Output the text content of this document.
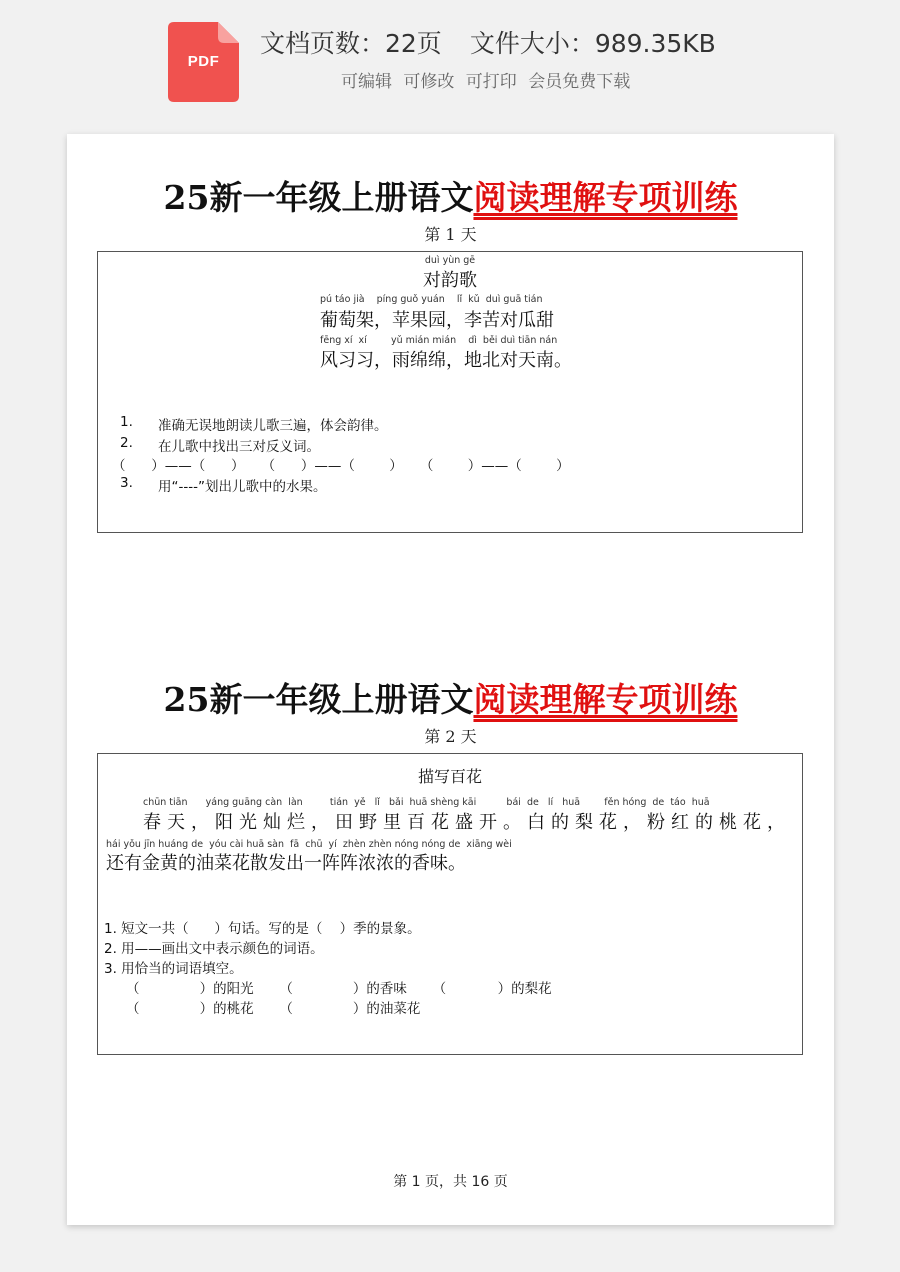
PDF
文档页数：22页 文件大小：989.35KB
可编辑 可修改 可打印 会员免费下载
25新一年级上册语文阅读理解专项训练
第 1 天
duì yùn gē
对韵歌
pú táo jià    píng guǒ yuán    lǐ  kǔ  duì guā tián
葡萄架，苹果园，李苦对瓜甜
fēng xí  xí        yǔ mián mián    dì  běi duì tiān nán
风习习，雨绵绵，地北对天南。
1. 准确无误地朗读儿歌三遍，体会韵律。
2. 在儿歌中找出三对反义词。
（      ）——（      ）    （      ）——（        ）    （        ）——（        ）
3. 用“----”划出儿歌中的水果。
25新一年级上册语文阅读理解专项训练
第 2 天
描写百花
chūn tiān      yáng guāng càn  làn         tián  yě   lǐ   bǎi  huā shèng kāi          bái  de   lí   huā        fěn hóng  de  táo  huā
春天，阳光灿烂，田野里百花盛开。白的梨花，粉红的桃花，
hái yǒu jīn huáng de  yóu cài huā sàn  fā  chū  yí  zhèn zhèn nóng nóng de  xiāng wèi
还有金黄的油菜花散发出一阵阵浓浓的香味。
1. 短文一共（      ）句话。写的是（    ）季的景象。
2. 用——画出文中表示颜色的词语。
3. 用恰当的词语填空。
（              ）的阳光      （              ）的香味      （            ）的梨花
（              ）的桃花      （              ）的油菜花
第 1 页，共 16 页
